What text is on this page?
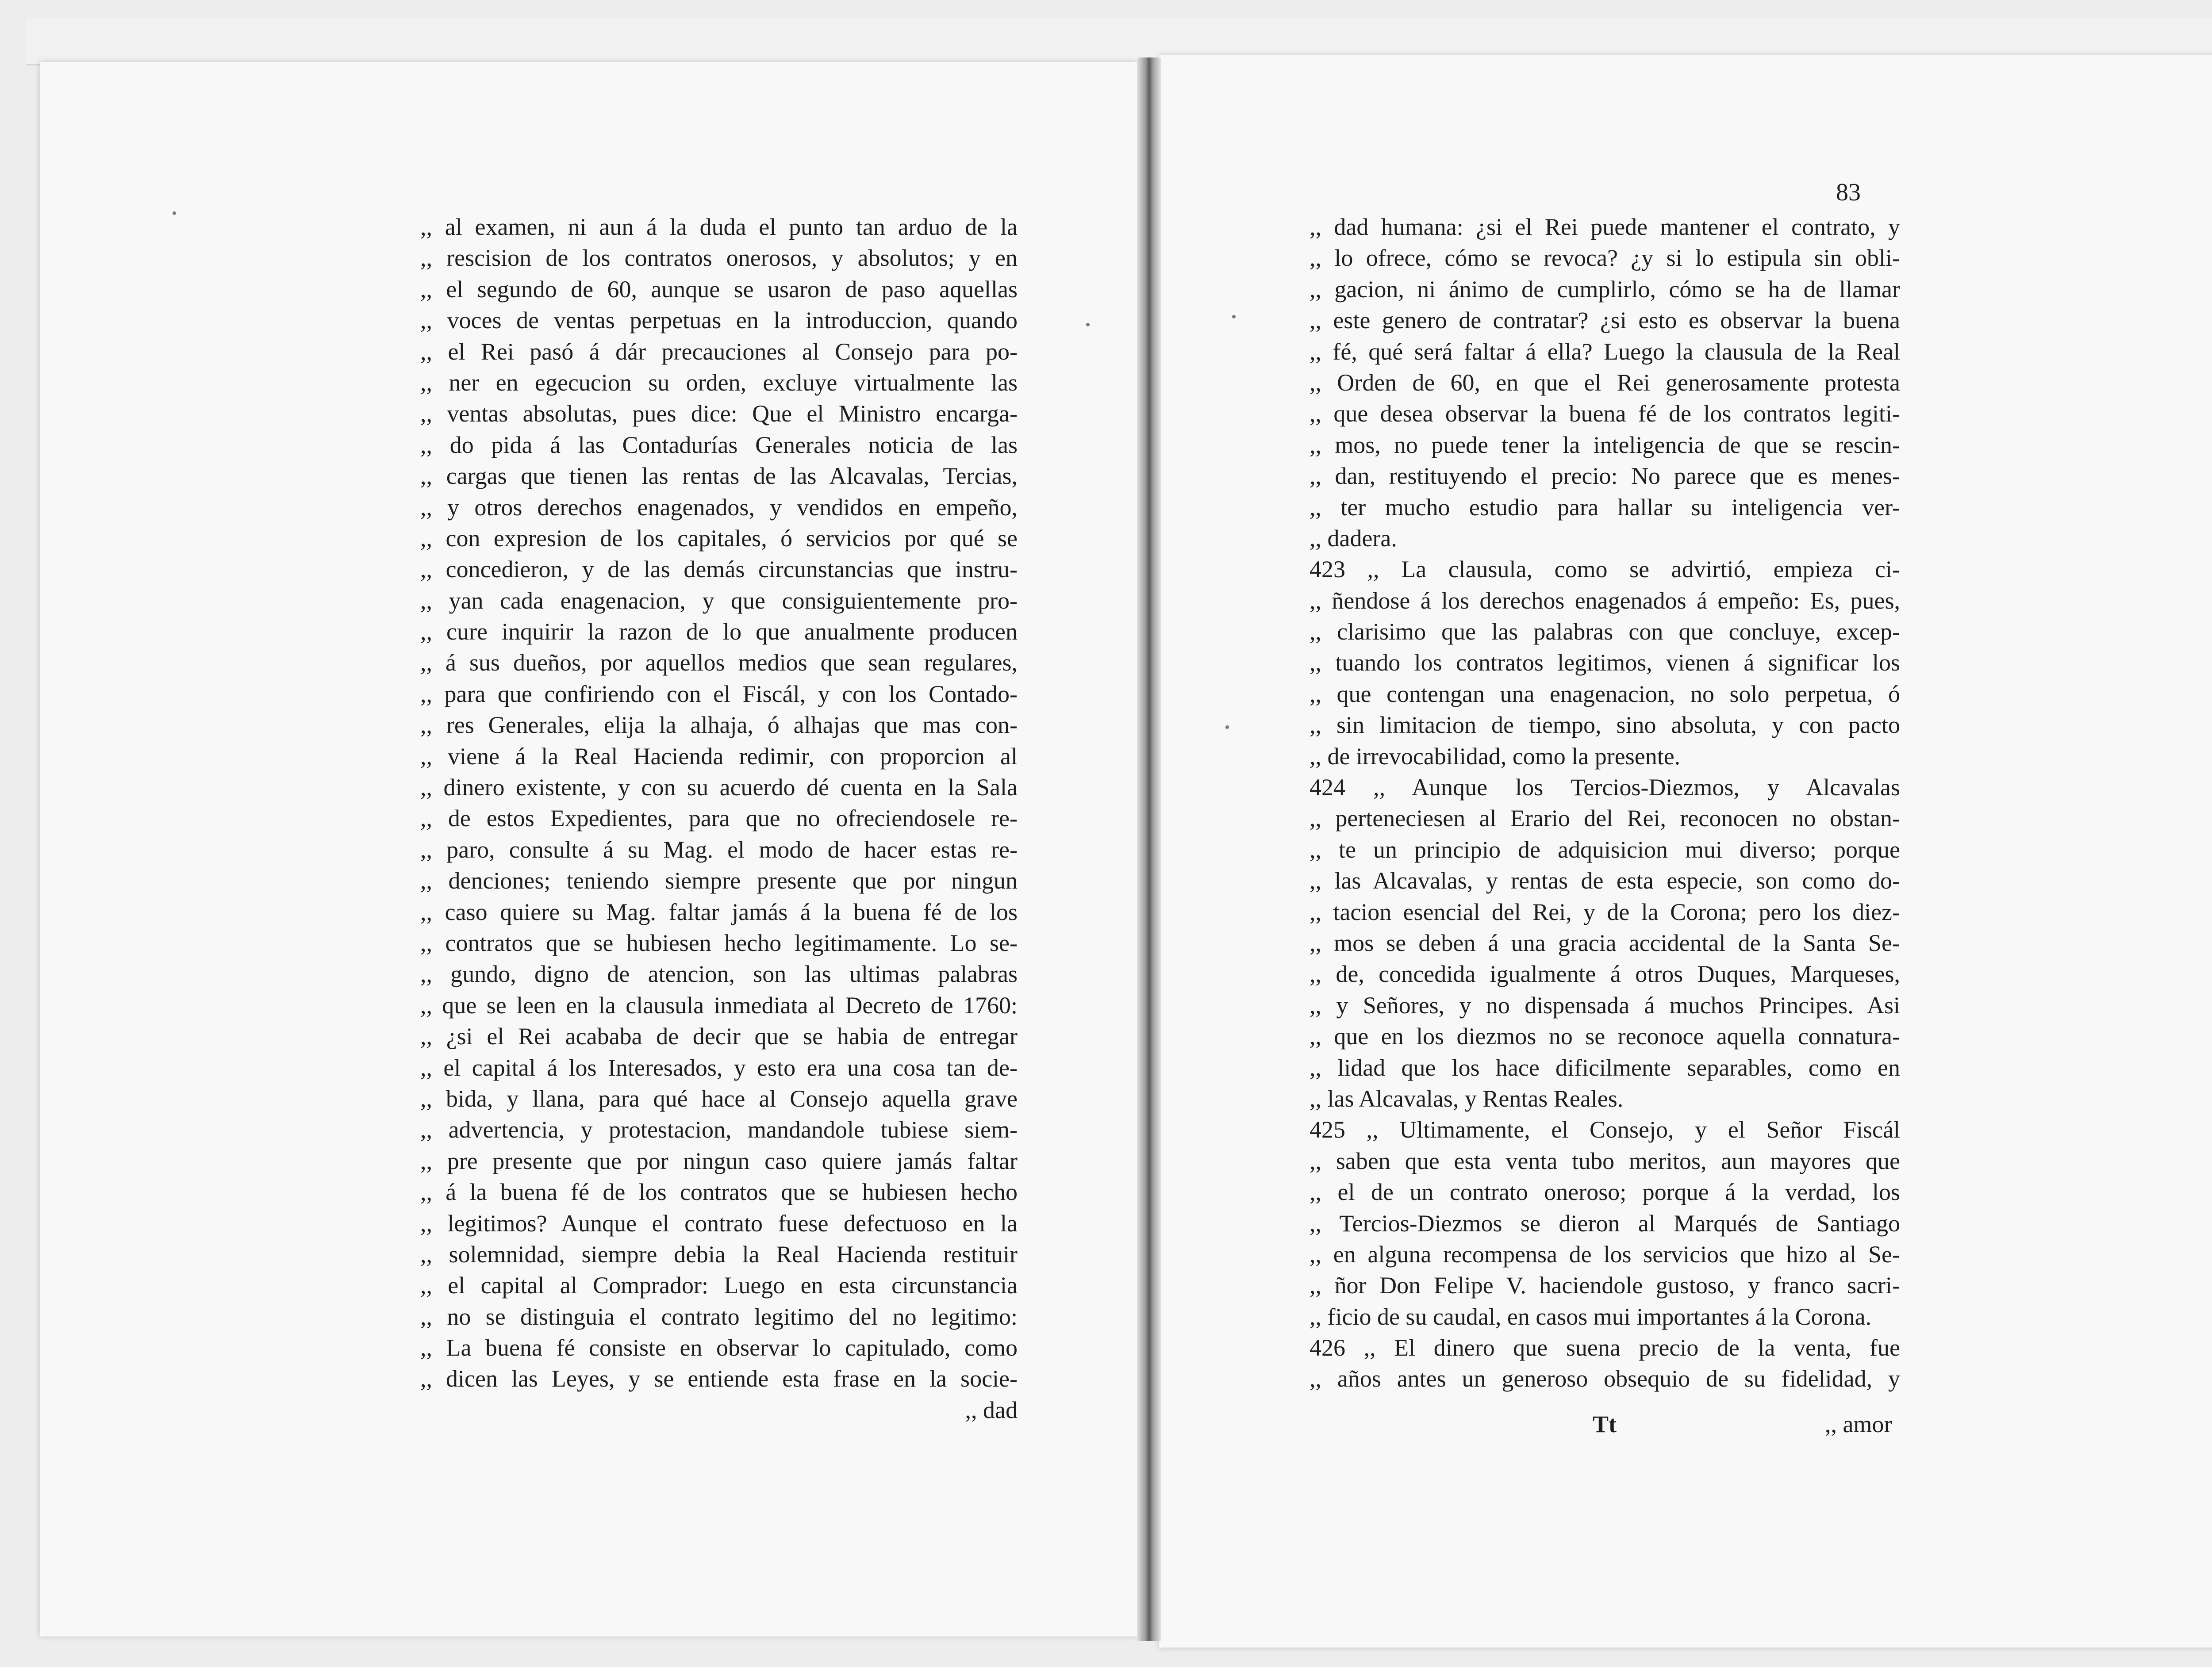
,, al examen, ni aun á la duda el punto tan arduo de la
,, rescision de los contratos onerosos, y absolutos; y en
,, el segundo de 60, aunque se usaron de paso aquellas
,, voces de ventas perpetuas en la introduccion, quando
,, el Rei pasó á dár precauciones al Consejo para po-
,, ner en egecucion su orden, excluye virtualmente las
,, ventas absolutas, pues dice: Que el Ministro encarga-
,, do pida á las Contadurías Generales noticia de las
,, cargas que tienen las rentas de las Alcavalas, Tercias,
,, y otros derechos enagenados, y vendidos en empeño,
,, con expresion de los capitales, ó servicios por qué se
,, concedieron, y de las demás circunstancias que instru-
,, yan cada enagenacion, y que consiguientemente pro-
,, cure inquirir la razon de lo que anualmente producen
,, á sus dueños, por aquellos medios que sean regulares,
,, para que confiriendo con el Fiscál, y con los Contado-
,, res Generales, elija la alhaja, ó alhajas que mas con-
,, viene á la Real Hacienda redimir, con proporcion al
,, dinero existente, y con su acuerdo dé cuenta en la Sala
,, de estos Expedientes, para que no ofreciendosele re-
,, paro, consulte á su Mag. el modo de hacer estas re-
,, denciones; teniendo siempre presente que por ningun
,, caso quiere su Mag. faltar jamás á la buena fé de los
,, contratos que se hubiesen hecho legitimamente. Lo se-
,, gundo, digno de atencion, son las ultimas palabras
,, que se leen en la clausula inmediata al Decreto de 1760:
,, ¿si el Rei acababa de decir que se habia de entregar
,, el capital á los Interesados, y esto era una cosa tan de-
,, bida, y llana, para qué hace al Consejo aquella grave
,, advertencia, y protestacion, mandandole tubiese siem-
,, pre presente que por ningun caso quiere jamás faltar
,, á la buena fé de los contratos que se hubiesen hecho
,, legitimos? Aunque el contrato fuese defectuoso en la
,, solemnidad, siempre debia la Real Hacienda restituir
,, el capital al Comprador: Luego en esta circunstancia
,, no se distinguia el contrato legitimo del no legitimo:
,, La buena fé consiste en observar lo capitulado, como
,, dicen las Leyes, y se entiende esta frase en la socie-
,, dad
83
,, dad humana: ¿si el Rei puede mantener el contrato, y
,, lo ofrece, cómo se revoca? ¿y si lo estipula sin obli-
,, gacion, ni ánimo de cumplirlo, cómo se ha de llamar
,, este genero de contratar? ¿si esto es observar la buena
,, fé, qué será faltar á ella? Luego la clausula de la Real
,, Orden de 60, en que el Rei generosamente protesta
,, que desea observar la buena fé de los contratos legiti-
,, mos, no puede tener la inteligencia de que se rescin-
,, dan, restituyendo el precio: No parece que es menes-
,, ter mucho estudio para hallar su inteligencia ver-
,, dadera.
423 ,, La clausula, como se advirtió, empieza ci-
,, ñendose á los derechos enagenados á empeño: Es, pues,
,, clarisimo que las palabras con que concluye, excep-
,, tuando los contratos legitimos, vienen á significar los
,, que contengan una enagenacion, no solo perpetua, ó
,, sin limitacion de tiempo, sino absoluta, y con pacto
,, de irrevocabilidad, como la presente.
424 ,, Aunque los Tercios-Diezmos, y Alcavalas
,, perteneciesen al Erario del Rei, reconocen no obstan-
,, te un principio de adquisicion mui diverso; porque
,, las Alcavalas, y rentas de esta especie, son como do-
,, tacion esencial del Rei, y de la Corona; pero los diez-
,, mos se deben á una gracia accidental de la Santa Se-
,, de, concedida igualmente á otros Duques, Marqueses,
,, y Señores, y no dispensada á muchos Principes. Asi
,, que en los diezmos no se reconoce aquella connatura-
,, lidad que los hace dificilmente separables, como en
,, las Alcavalas, y Rentas Reales.
425 ,, Ultimamente, el Consejo, y el Señor Fiscál
,, saben que esta venta tubo meritos, aun mayores que
,, el de un contrato oneroso; porque á la verdad, los
,, Tercios-Diezmos se dieron al Marqués de Santiago
,, en alguna recompensa de los servicios que hizo al Se-
,, ñor Don Felipe V. haciendole gustoso, y franco sacri-
,, ficio de su caudal, en casos mui importantes á la Corona.
426 ,, El dinero que suena precio de la venta, fue
,, años antes un generoso obsequio de su fidelidad, y
Tt	,, amor
